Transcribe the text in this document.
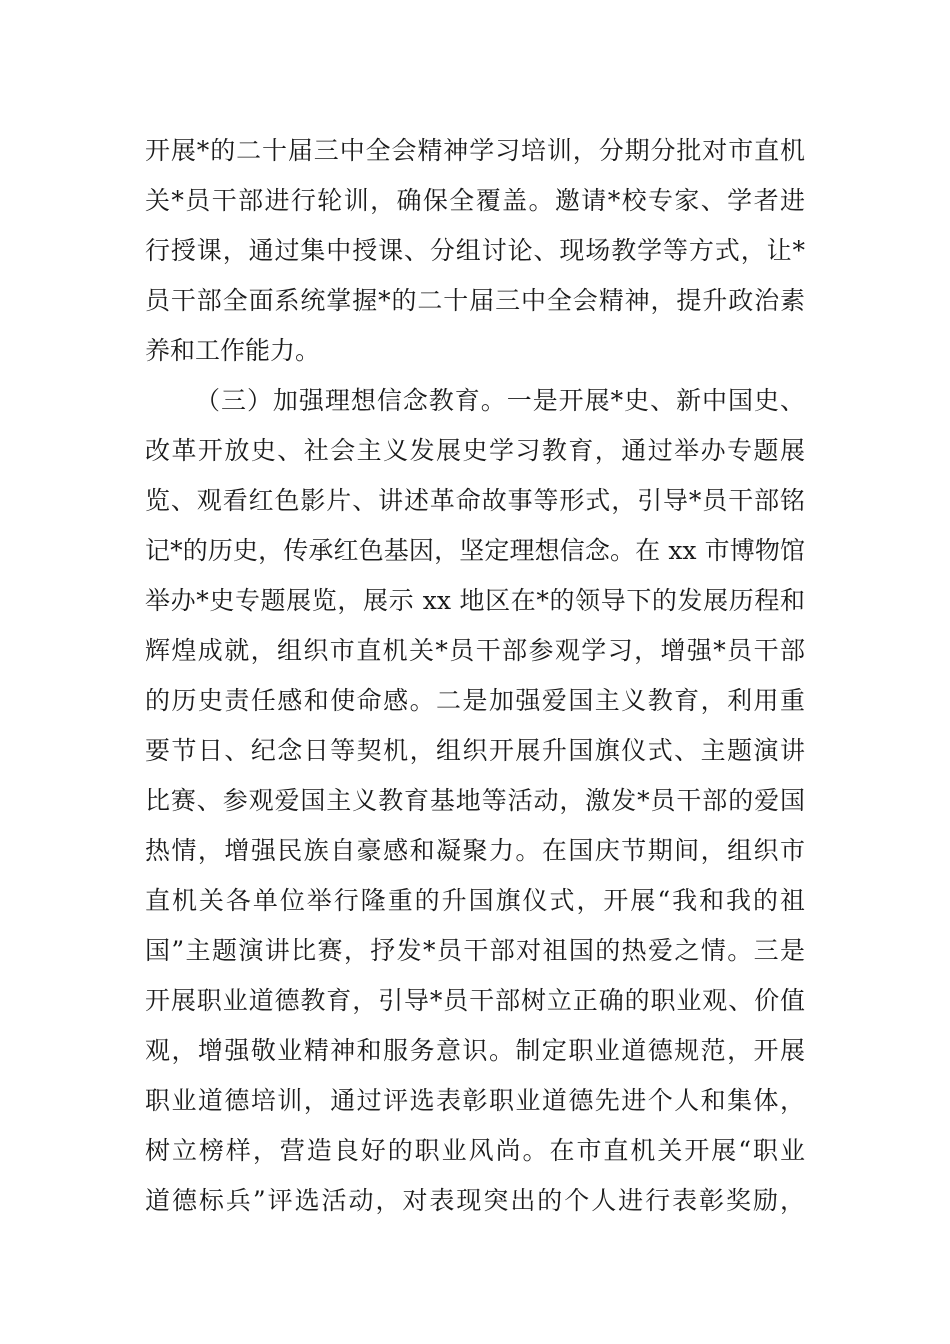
开展*的二十届三中全会精神学习培训，分期分批对市直机
关*员干部进行轮训，确保全覆盖。邀请*校专家、学者进
行授课，通过集中授课、分组讨论、现场教学等方式，让*
员干部全面系统掌握*的二十届三中全会精神，提升政治素
养和工作能力。
（三）加强理想信念教育。一是开展*史、新中国史、
改革开放史、社会主义发展史学习教育，通过举办专题展
览、观看红色影片、讲述革命故事等形式，引导*员干部铭
记*的历史，传承红色基因，坚定理想信念。在 xx 市博物馆
举办*史专题展览，展示 xx 地区在*的领导下的发展历程和
辉煌成就，组织市直机关*员干部参观学习，增强*员干部
的历史责任感和使命感。二是加强爱国主义教育，利用重
要节日、纪念日等契机，组织开展升国旗仪式、主题演讲
比赛、参观爱国主义教育基地等活动，激发*员干部的爱国
热情，增强民族自豪感和凝聚力。在国庆节期间，组织市
直机关各单位举行隆重的升国旗仪式，开展“我和我的祖
国”主题演讲比赛，抒发*员干部对祖国的热爱之情。三是
开展职业道德教育，引导*员干部树立正确的职业观、价值
观，增强敬业精神和服务意识。制定职业道德规范，开展
职业道德培训，通过评选表彰职业道德先进个人和集体，
树立榜样，营造良好的职业风尚。在市直机关开展“职业
道德标兵”评选活动，对表现突出的个人进行表彰奖励，
